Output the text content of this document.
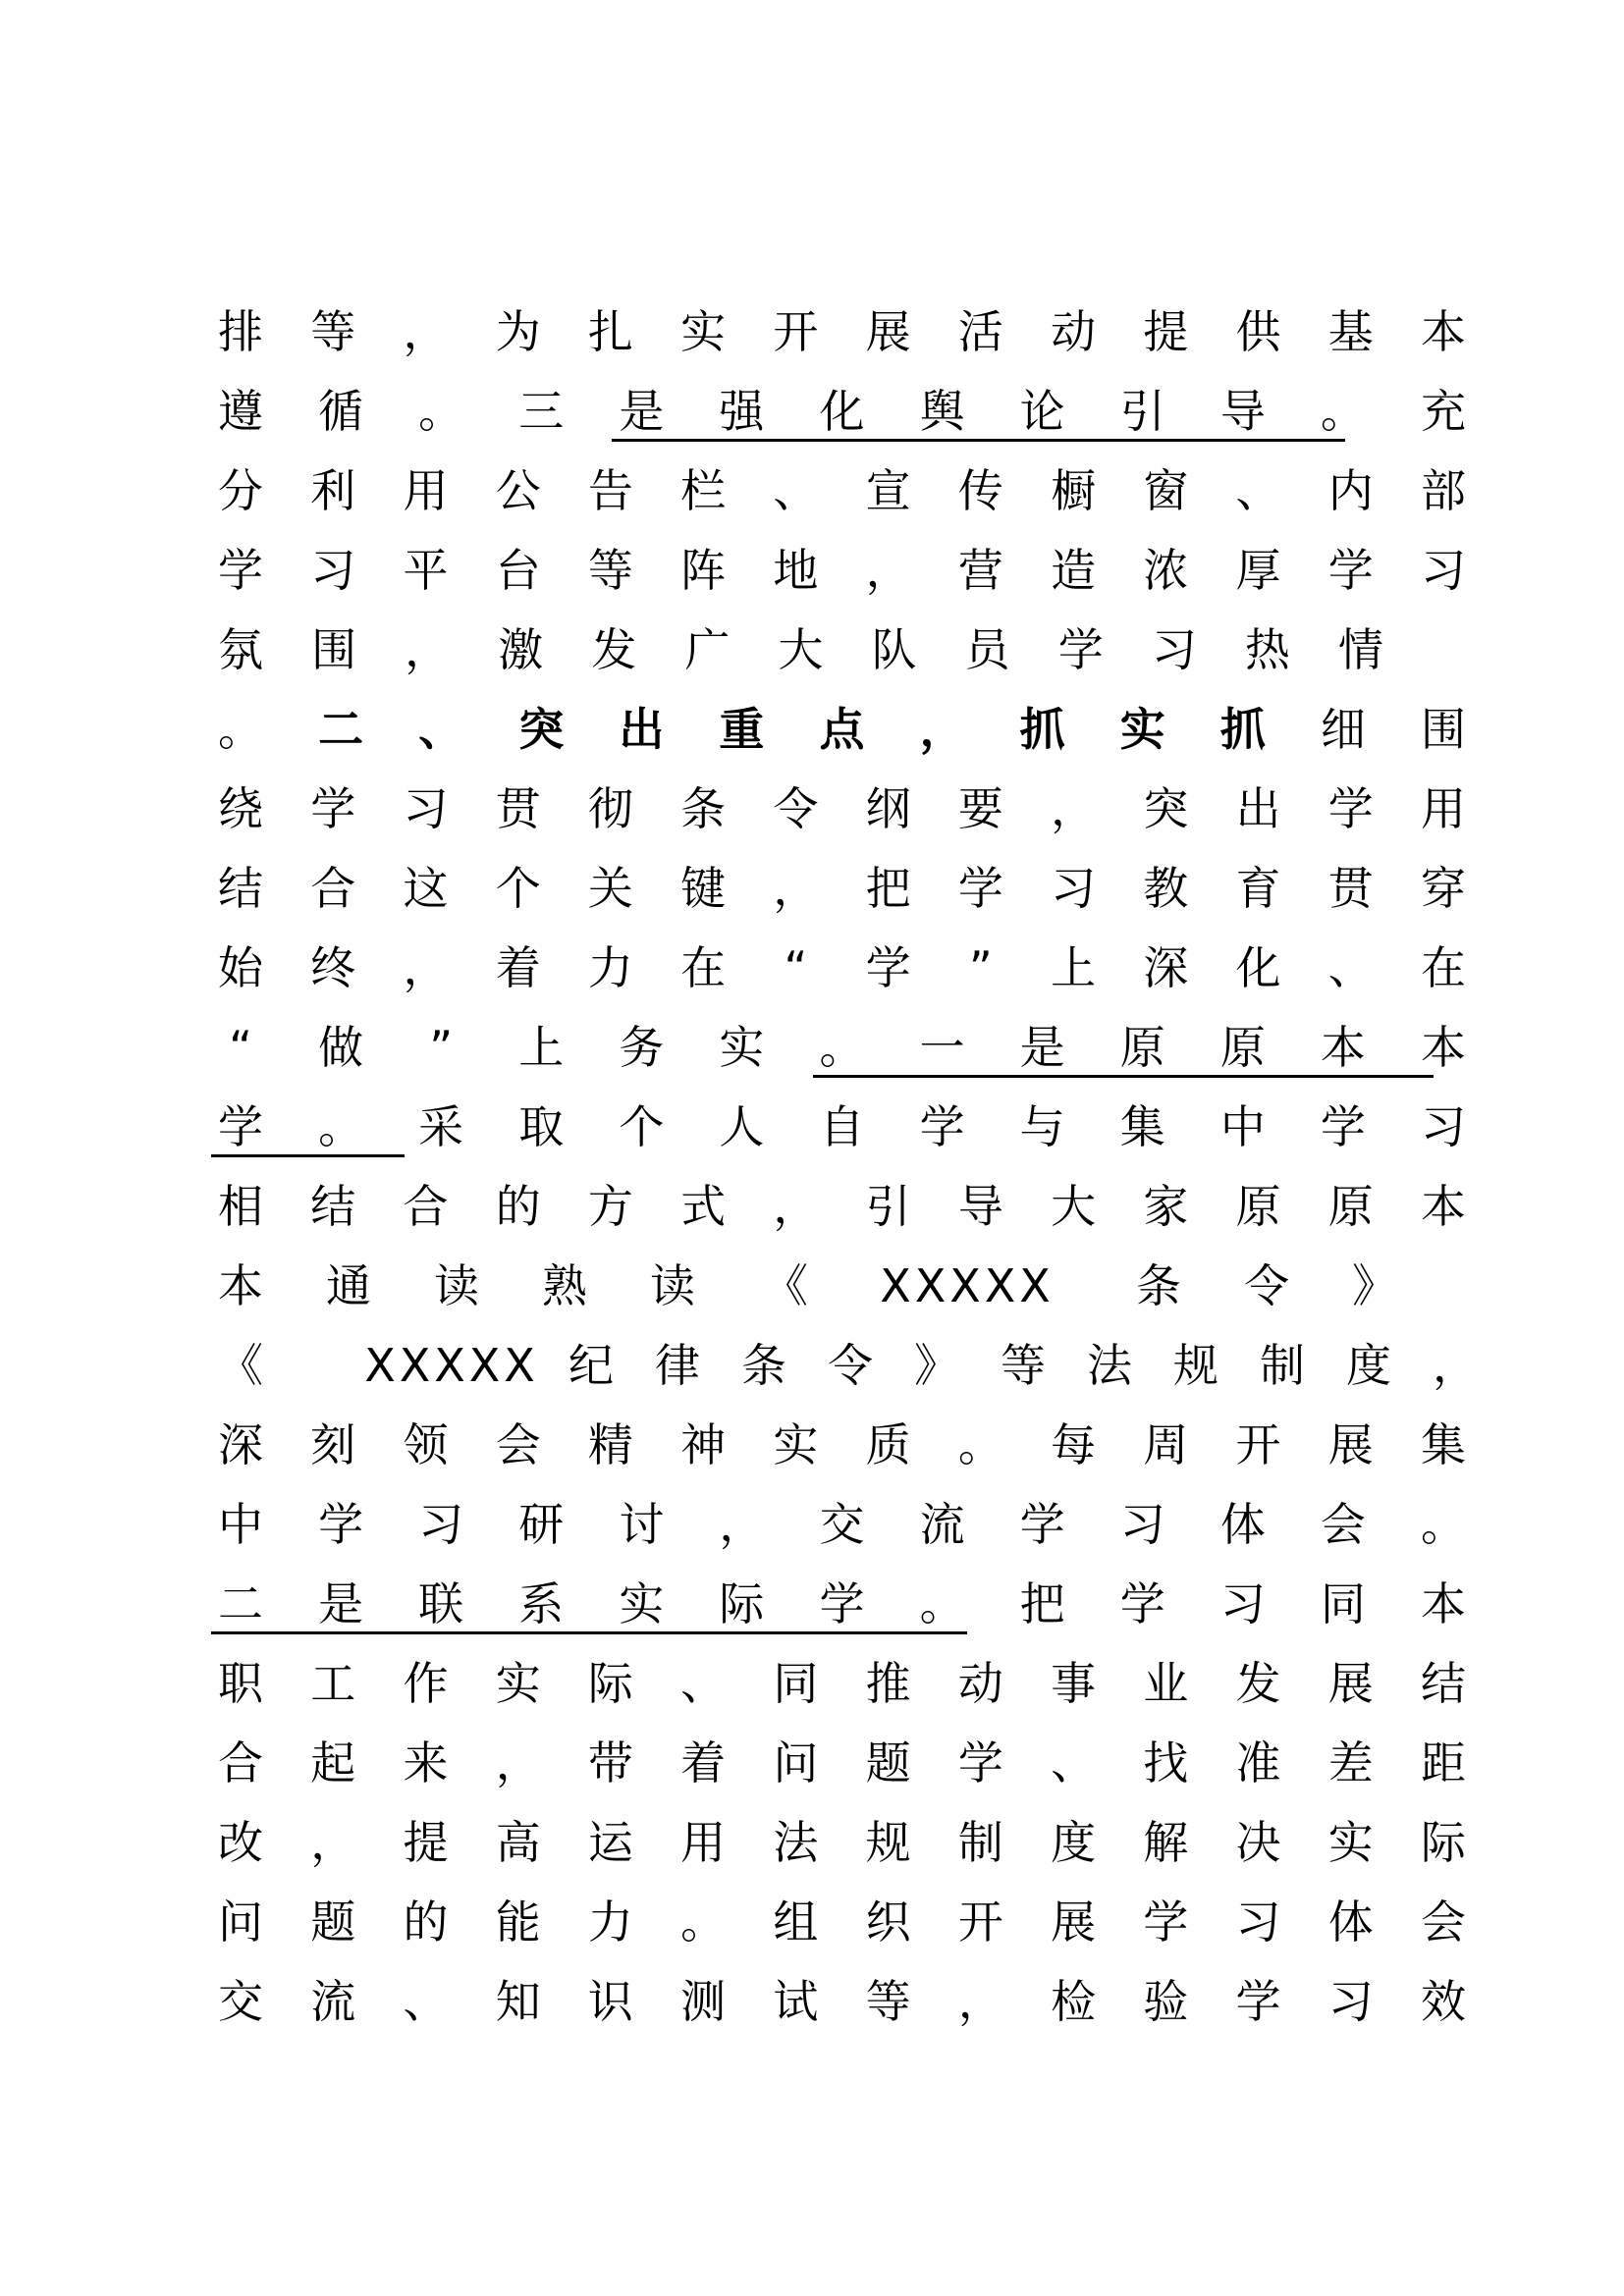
排 等 ， 为 扎 实 开 展 活 动 提 供 基 本
遵 循 。 三 是 强 化 舆 论 引 导 。 充
分 利 用 公 告 栏 、 宣 传 橱 窗 、 内 部
学 习 平 台 等 阵 地 ， 营 造 浓 厚 学 习
氛 围 ， 激 发 广 大 队 员 学 习 热 情
。 二 、 突 出 重 点 ， 抓 实 抓 细 围
绕 学 习 贯 彻 条 令 纲 要 ， 突 出 学 用
结 合 这 个 关 键 ， 把 学 习 教 育 贯 穿
始 终 ， 着 力 在	“	学	”	上 深 化 、 在
“	做	”	上 务 实 。 一 是 原 原 本 本
学 。 采 取 个 人 自 学 与 集 中 学 习
相 结 合 的 方 式 ， 引 导 大 家 原 原 本
本 通 读 熟 读 《 XXXXX 条 令 》
《 XXXXX 纪 律 条 令 》 等 法 规 制 度 ，
深 刻 领 会 精 神 实 质 。 每 周 开 展 集
中 学 习 研 讨 ， 交 流 学 习 体 会 。
二 是 联 系 实 际 学 。 把 学 习 同 本
职 工 作 实 际 、 同 推 动 事 业 发 展 结
合 起 来 ， 带 着 问 题 学 、 找 准 差 距
改 ， 提 高 运 用 法 规 制 度 解 决 实 际
问 题 的 能 力 。 组 织 开 展 学 习 体 会
交 流 、 知 识 测 试 等 ， 检 验 学 习 效
